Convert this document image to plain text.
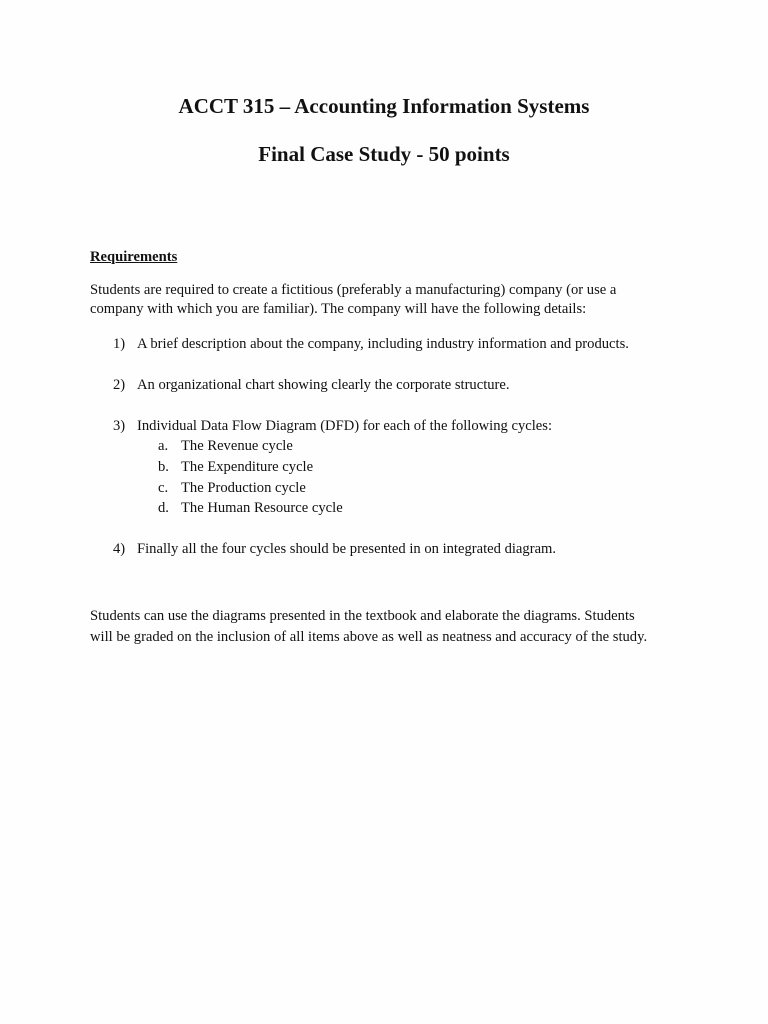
ACCT 315 – Accounting Information Systems
Final Case Study - 50 points
Requirements
Students are required to create a fictitious (preferably a manufacturing) company (or use a
company with which you are familiar). The company will have the following details:
1) A brief description about the company, including industry information and products.
2) An organizational chart showing clearly the corporate structure.
3) Individual Data Flow Diagram (DFD) for each of the following cycles:
a. The Revenue cycle
b. The Expenditure cycle
c. The Production cycle
d. The Human Resource cycle
4) Finally all the four cycles should be presented in on integrated diagram.
Students can use the diagrams presented in the textbook and elaborate the diagrams. Students
will be graded on the inclusion of all items above as well as neatness and accuracy of the study.
